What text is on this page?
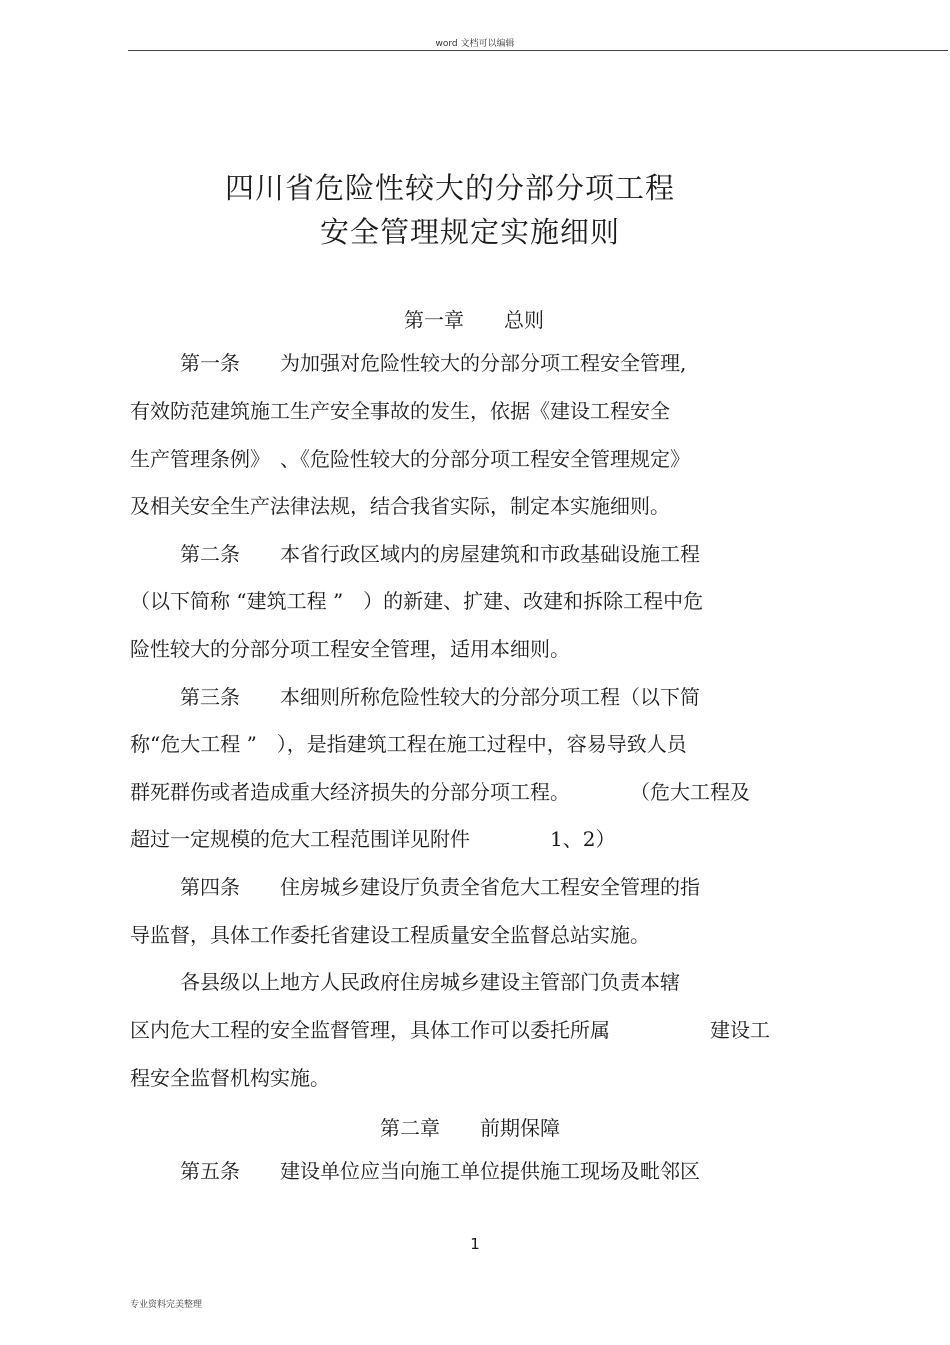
word 文档可以编辑
四川省危险性较大的分部分项工程
安全管理规定实施细则
第一章　　 总则
第一条　　为加强对危险性较大的分部分项工程安全管理,
有效防范建筑施工生产安全事故的发生，依据《建设工程安全
生产管理条例》　、《危险性较大的分部分项工程安全管理规定》
及相关安全生产法律法规，结合我省实际，制定本实施细则。
第二条　　本省行政区域内的房屋建筑和市政基础设施工程
（以下简称 “建筑工程 ”　）的新建、扩建、改建和拆除工程中危
险性较大的分部分项工程安全管理，适用本细则。
第三条　　本细则所称危险性较大的分部分项工程（以下简
称“危大工程 ”　），是指建筑工程在施工过程中，容易导致人员
群死群伤或者造成重大经济损失的分部分项工程。　　　　（危大工程及
超过一定规模的危大工程范围详见附件　　　　1、2）
第四条　　住房城乡建设厅负责全省危大工程安全管理的指
导监督，具体工作委托省建设工程质量安全监督总站实施。
各县级以上地方人民政府住房城乡建设主管部门负责本辖
区内危大工程的安全监督管理，具体工作可以委托所属　　　　　建设工
程安全监督机构实施。
第二章　　 前期保障
第五条　　建设单位应当向施工单位提供施工现场及毗邻区
1
专业资料完美整理
